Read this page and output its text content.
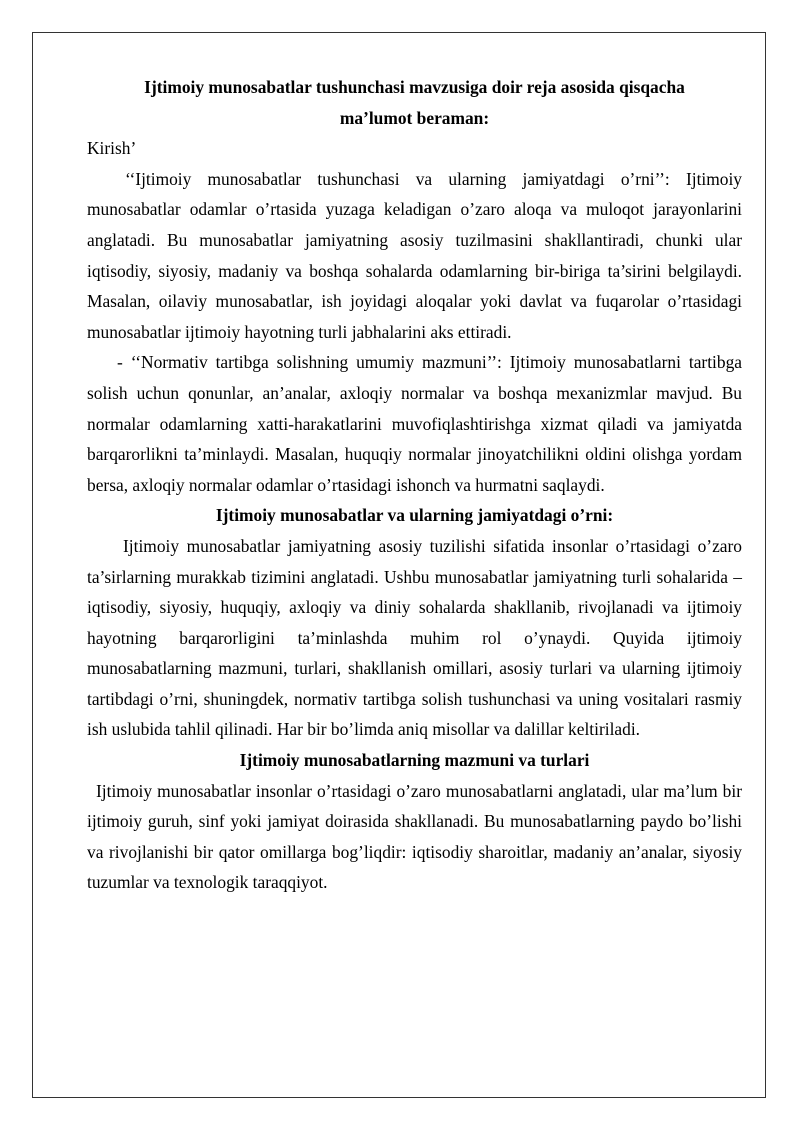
Ijtimoiy munosabatlar tushunchasi mavzusiga doir reja asosida qisqacha ma’lumot beraman:

Kirish’

‘‘Ijtimoiy munosabatlar tushunchasi va ularning jamiyatdagi o’rni’’: Ijtimoiy munosabatlar odamlar o’rtasida yuzaga keladigan o’zaro aloqa va muloqot jarayonlarini anglatadi. Bu munosabatlar jamiyatning asosiy tuzilmasini shakllantiradi, chunki ular iqtisodiy, siyosiy, madaniy va boshqa sohalarda odamlarning bir-biriga ta’sirini belgilaydi. Masalan, oilaviy munosabatlar, ish joyidagi aloqalar yoki davlat va fuqarolar o’rtasidagi munosabatlar ijtimoiy hayotning turli jabhalarini aks ettiradi.

- ‘‘Normativ tartibga solishning umumiy mazmuni’’: Ijtimoiy munosabatlarni tartibga solish uchun qonunlar, an’analar, axloqiy normalar va boshqa mexanizmlar mavjud. Bu normalar odamlarning xatti-harakatlarini muvofiqlashtirishga xizmat qiladi va jamiyatda barqarorlikni ta’minlaydi. Masalan, huquqiy normalar jinoyatchilikni oldini olishga yordam bersa, axloqiy normalar odamlar o’rtasidagi ishonch va hurmatni saqlaydi.

Ijtimoiy munosabatlar va ularning jamiyatdagi o’rni:

Ijtimoiy munosabatlar jamiyatning asosiy tuzilishi sifatida insonlar o’rtasidagi o’zaro ta’sirlarning murakkab tizimini anglatadi. Ushbu munosabatlar jamiyatning turli sohalarida – iqtisodiy, siyosiy, huquqiy, axloqiy va diniy sohalarda shakllanib, rivojlanadi va ijtimoiy hayotning barqarorligini ta’minlashda muhim rol o’ynaydi. Quyida ijtimoiy munosabatlarning mazmuni, turlari, shakllanish omillari, asosiy turlari va ularning ijtimoiy tartibdagi o’rni, shuningdek, normativ tartibga solish tushunchasi va uning vositalari rasmiy ish uslubida tahlil qilinadi. Har bir bo’limda aniq misollar va dalillar keltiriladi.

Ijtimoiy munosabatlarning mazmuni va turlari

Ijtimoiy munosabatlar insonlar o’rtasidagi o’zaro munosabatlarni anglatadi, ular ma’lum bir ijtimoiy guruh, sinf yoki jamiyat doirasida shakllanadi. Bu munosabatlarning paydo bo’lishi va rivojlanishi bir qator omillarga bog’liqdir: iqtisodiy sharoitlar, madaniy an’analar, siyosiy tuzumlar va texnologik taraqqiyot.
